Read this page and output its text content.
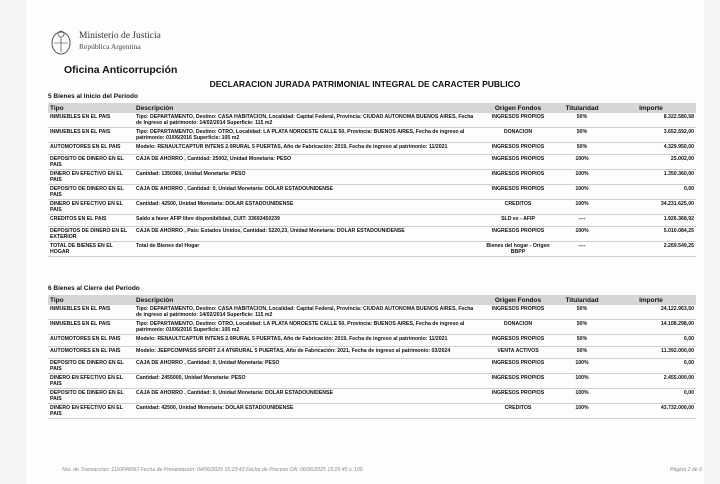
Ministerio de Justicia
República Argentina
Oficina Anticorrupción
DECLARACION JURADA PATRIMONIAL INTEGRAL DE CARACTER PUBLICO
5 Bienes al Inicio del Periodo
Tipo	Descripción	Origen Fondos	Titularidad	Importe
INMUEBLES EN EL PAIS	Tipo: DEPARTAMENTO, Destino: CASA HABITACION, Localidad: Capital Federal, Provincia: CIUDAD AUTONOMA BUENOS AIRES, Fecha de Ingreso al patrimonio: 14/02/2014 Superficie: 115 m2	INGRESOS PROPIOS	50%	8.322.580,58
INMUEBLES EN EL PAIS	Tipo: DEPARTAMENTO, Destino: OTRO, Localidad: LA PLATA NOROESTE CALLE 50, Provincia: BUENOS AIRES, Fecha de ingreso al patrimonio: 01/06/2016 Superficie: 105 m2	DONACION	50%	3.652.592,00
AUTOMOTORES EN EL PAIS	Modelo: RENAULTCAPTUR INTENS 2.0RURAL 5 PUERTAS, Año de Fabricación: 2019, Fecha de ingreso al patrimonio: 11/2021	INGRESOS PROPIOS	50%	4.329.950,00
DEPOSITO DE DINERO EN EL PAIS	CAJA DE AHORRO , Cantidad: 25002, Unidad Monetaria: PESO	INGRESOS PROPIOS	100%	25.002,00
DINERO EN EFECTIVO EN EL PAIS	Cantidad: 1350360, Unidad Monetaria: PESO	INGRESOS PROPIOS	100%	1.350.360,00
DEPOSITO DE DINERO EN EL PAIS	CAJA DE AHORRO , Cantidad: 0, Unidad Monetaria: DOLAR ESTADOUNIDENSE	INGRESOS PROPIOS	100%	0,00
DINERO EN EFECTIVO EN EL PAIS	Cantidad: 42500, Unidad Monetaria: DOLAR ESTADOUNIDENSE	CREDITOS	100%	34.231.625,00
CREDITOS EN EL PAIS	Saldo a favor AFIP libre disponibilidad, CUIT: 33693450239	SLD ex - AFIP	----	1.926.368,92
DEPOSITOS DE DINERO EN EL EXTERIOR	CAJA DE AHORRO , País: Estados Unidos, Cantidad: 5220,23, Unidad Monetaria: DOLAR ESTADOUNIDENSE	INGRESOS PROPIOS	100%	5.010.084,25
TOTAL DE BIENES EN EL HOGAR	Total de Bienes del Hogar	Bienes del hogar - Origen BBPP	----	2.269.549,25
6 Bienes al Cierre del Periodo
Tipo	Descripción	Origen Fondos	Titularidad	Importe
INMUEBLES EN EL PAIS	Tipo: DEPARTAMENTO, Destino: CASA HABITACION, Localidad: Capital Federal, Provincia: CIUDAD AUTONOMA BUENOS AIRES, Fecha de ingreso al patrimonio: 14/02/2014 Superficie: 115 m2	INGRESOS PROPIOS	50%	24.122.963,50
INMUEBLES EN EL PAIS	Tipo: DEPARTAMENTO, Destino: OTRO, Localidad: LA PLATA NOROESTE CALLE 50, Provincia: BUENOS AIRES, Fecha de ingreso al patrimonio: 01/06/2016 Superficie: 105 m2	DONACION	50%	14.108.298,00
AUTOMOTORES EN EL PAIS	Modelo: RENAULTCAPTUR INTENS 2.0RURAL 5 PUERTAS, Año de Fabricación: 2019, Fecha de ingreso al patrimonio: 11/2021	INGRESOS PROPIOS	50%	0,00
AUTOMOTORES EN EL PAIS	Modelo: JEEPCOMPASS SPORT 2.4 AT6RURAL 5 PUERTAS, Año de Fabricación: 2021, Fecha de ingreso al patrimonio: 03/2024	VENTA ACTIVOS	50%	11.392.000,00
DEPOSITO DE DINERO EN EL PAIS	CAJA DE AHORRO , Cantidad: 0, Unidad Monetaria: PESO	INGRESOS PROPIOS	100%	0,00
DINERO EN EFECTIVO EN EL PAIS	Cantidad: 2455000, Unidad Monetaria: PESO	INGRESOS PROPIOS	100%	2.455.000,00
DEPOSITO DE DINERO EN EL PAIS	CAJA DE AHORRO , Cantidad: 0, Unidad Monetaria: DOLAR ESTADOUNIDENSE	INGRESOS PROPIOS	100%	0,00
DINERO EN EFECTIVO EN EL PAIS	Cantidad: 42500, Unidad Monetaria: DOLAR ESTADOUNIDENSE	CREDITOS	100%	43.732.000,00
Nro. de Transaccion: 1110648061 Fecha de Presentación: 04/06/2025 15:23:43 Fecha de Proceso OA: 06/06/2025 15:29:45 v. 100	Página 2 de 6
